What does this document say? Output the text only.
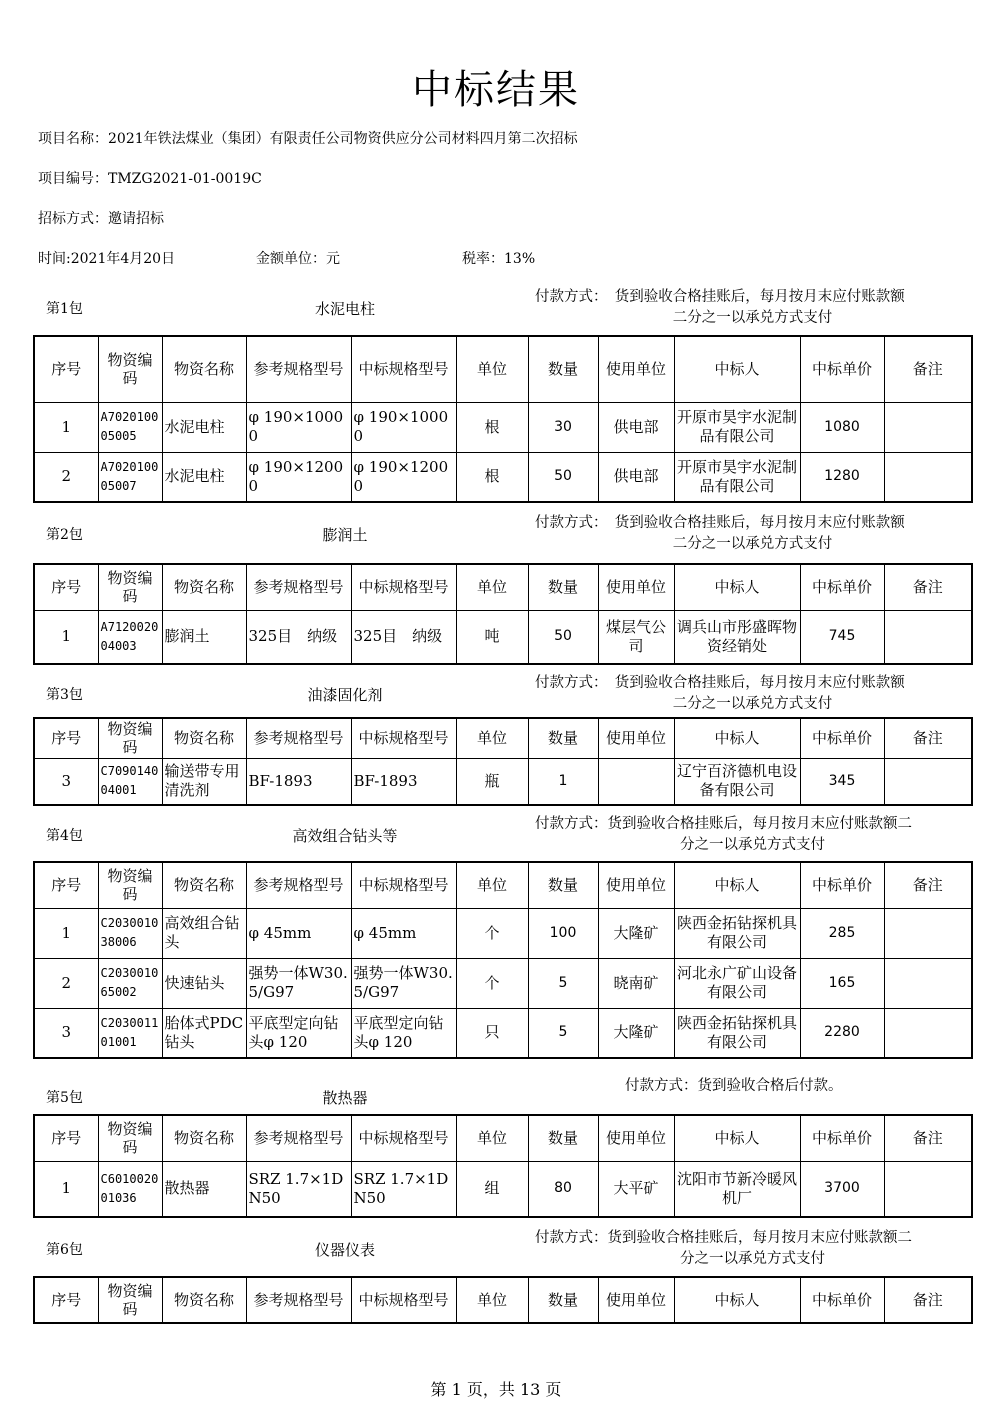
中标结果
项目名称：2021年铁法煤业（集团）有限责任公司物资供应分公司材料四月第二次招标
项目编号：TMZG2021-01-0019C
招标方式：邀请招标
时间:2021年4月20日	金额单位：元	税率：13%
第1包	水泥电柱
付款方式：　货到验收合格挂账后，每月按月末应付账款额
二分之一以承兑方式支付
序号	物资编码	物资名称	参考规格型号	中标规格型号	单位	数量	使用单位	中标人	中标单价	备注
1	A702010005005	水泥电柱	φ 190×10000	φ 190×10000	根	30	供电部	开原市昊宇水泥制品有限公司	1080	
2	A702010005007	水泥电柱	φ 190×12000	φ 190×12000	根	50	供电部	开原市昊宇水泥制品有限公司	1280	
第2包	膨润土
付款方式：　货到验收合格挂账后，每月按月末应付账款额
二分之一以承兑方式支付
序号	物资编码	物资名称	参考规格型号	中标规格型号	单位	数量	使用单位	中标人	中标单价	备注
1	A712002004003	膨润土	325目　纳级	325目　纳级	吨	50	煤层气公司	调兵山市彤盛晖物资经销处	745	
第3包	油漆固化剂
付款方式：　货到验收合格挂账后，每月按月末应付账款额
二分之一以承兑方式支付
序号	物资编码	物资名称	参考规格型号	中标规格型号	单位	数量	使用单位	中标人	中标单价	备注
3	C709014004001	输送带专用清洗剂	BF-1893	BF-1893	瓶	1		辽宁百济德机电设备有限公司	345	
第4包	高效组合钻头等
付款方式：货到验收合格挂账后，每月按月末应付账款额二
分之一以承兑方式支付
序号	物资编码	物资名称	参考规格型号	中标规格型号	单位	数量	使用单位	中标人	中标单价	备注
1	C203001038006	高效组合钻头	φ 45mm	φ 45mm	个	100	大隆矿	陕西金拓钻探机具有限公司	285	
2	C203001065002	快速钻头	强势一体W30.5/G97	强势一体W30.5/G97	个	5	晓南矿	河北永广矿山设备有限公司	165	
3	C203001101001	胎体式PDC钻头	平底型定向钻头φ 120	平底型定向钻头φ 120	只	5	大隆矿	陕西金拓钻探机具有限公司	2280	
第5包	散热器
付款方式：货到验收合格后付款。
序号	物资编码	物资名称	参考规格型号	中标规格型号	单位	数量	使用单位	中标人	中标单价	备注
1	C601002001036	散热器	SRZ 1.7×1DN50	SRZ 1.7×1DN50	组	80	大平矿	沈阳市节新冷暖风机厂	3700	
第6包	仪器仪表
付款方式：货到验收合格挂账后，每月按月末应付账款额二
分之一以承兑方式支付
序号	物资编码	物资名称	参考规格型号	中标规格型号	单位	数量	使用单位	中标人	中标单价	备注
第 1 页，共 13 页
